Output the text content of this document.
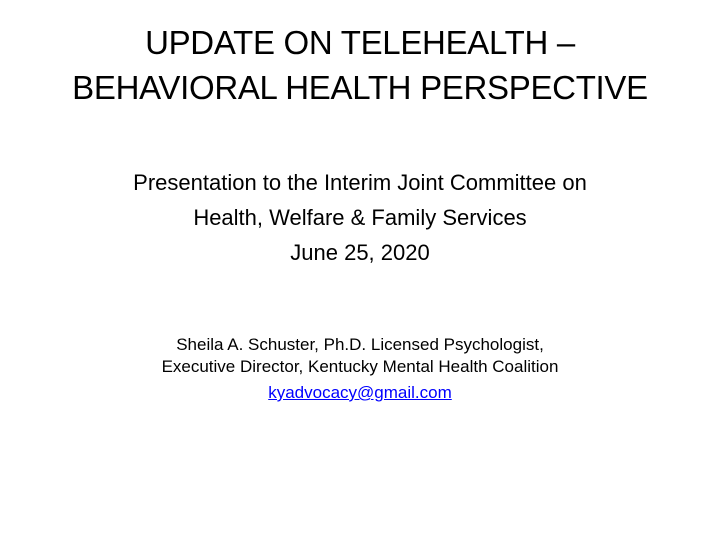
UPDATE ON TELEHEALTH –
BEHAVIORAL HEALTH PERSPECTIVE
Presentation to the Interim Joint Committee on
Health, Welfare & Family Services
June 25, 2020
Sheila A. Schuster, Ph.D. Licensed Psychologist,
Executive Director, Kentucky Mental Health Coalition
kyadvocacy@gmail.com
